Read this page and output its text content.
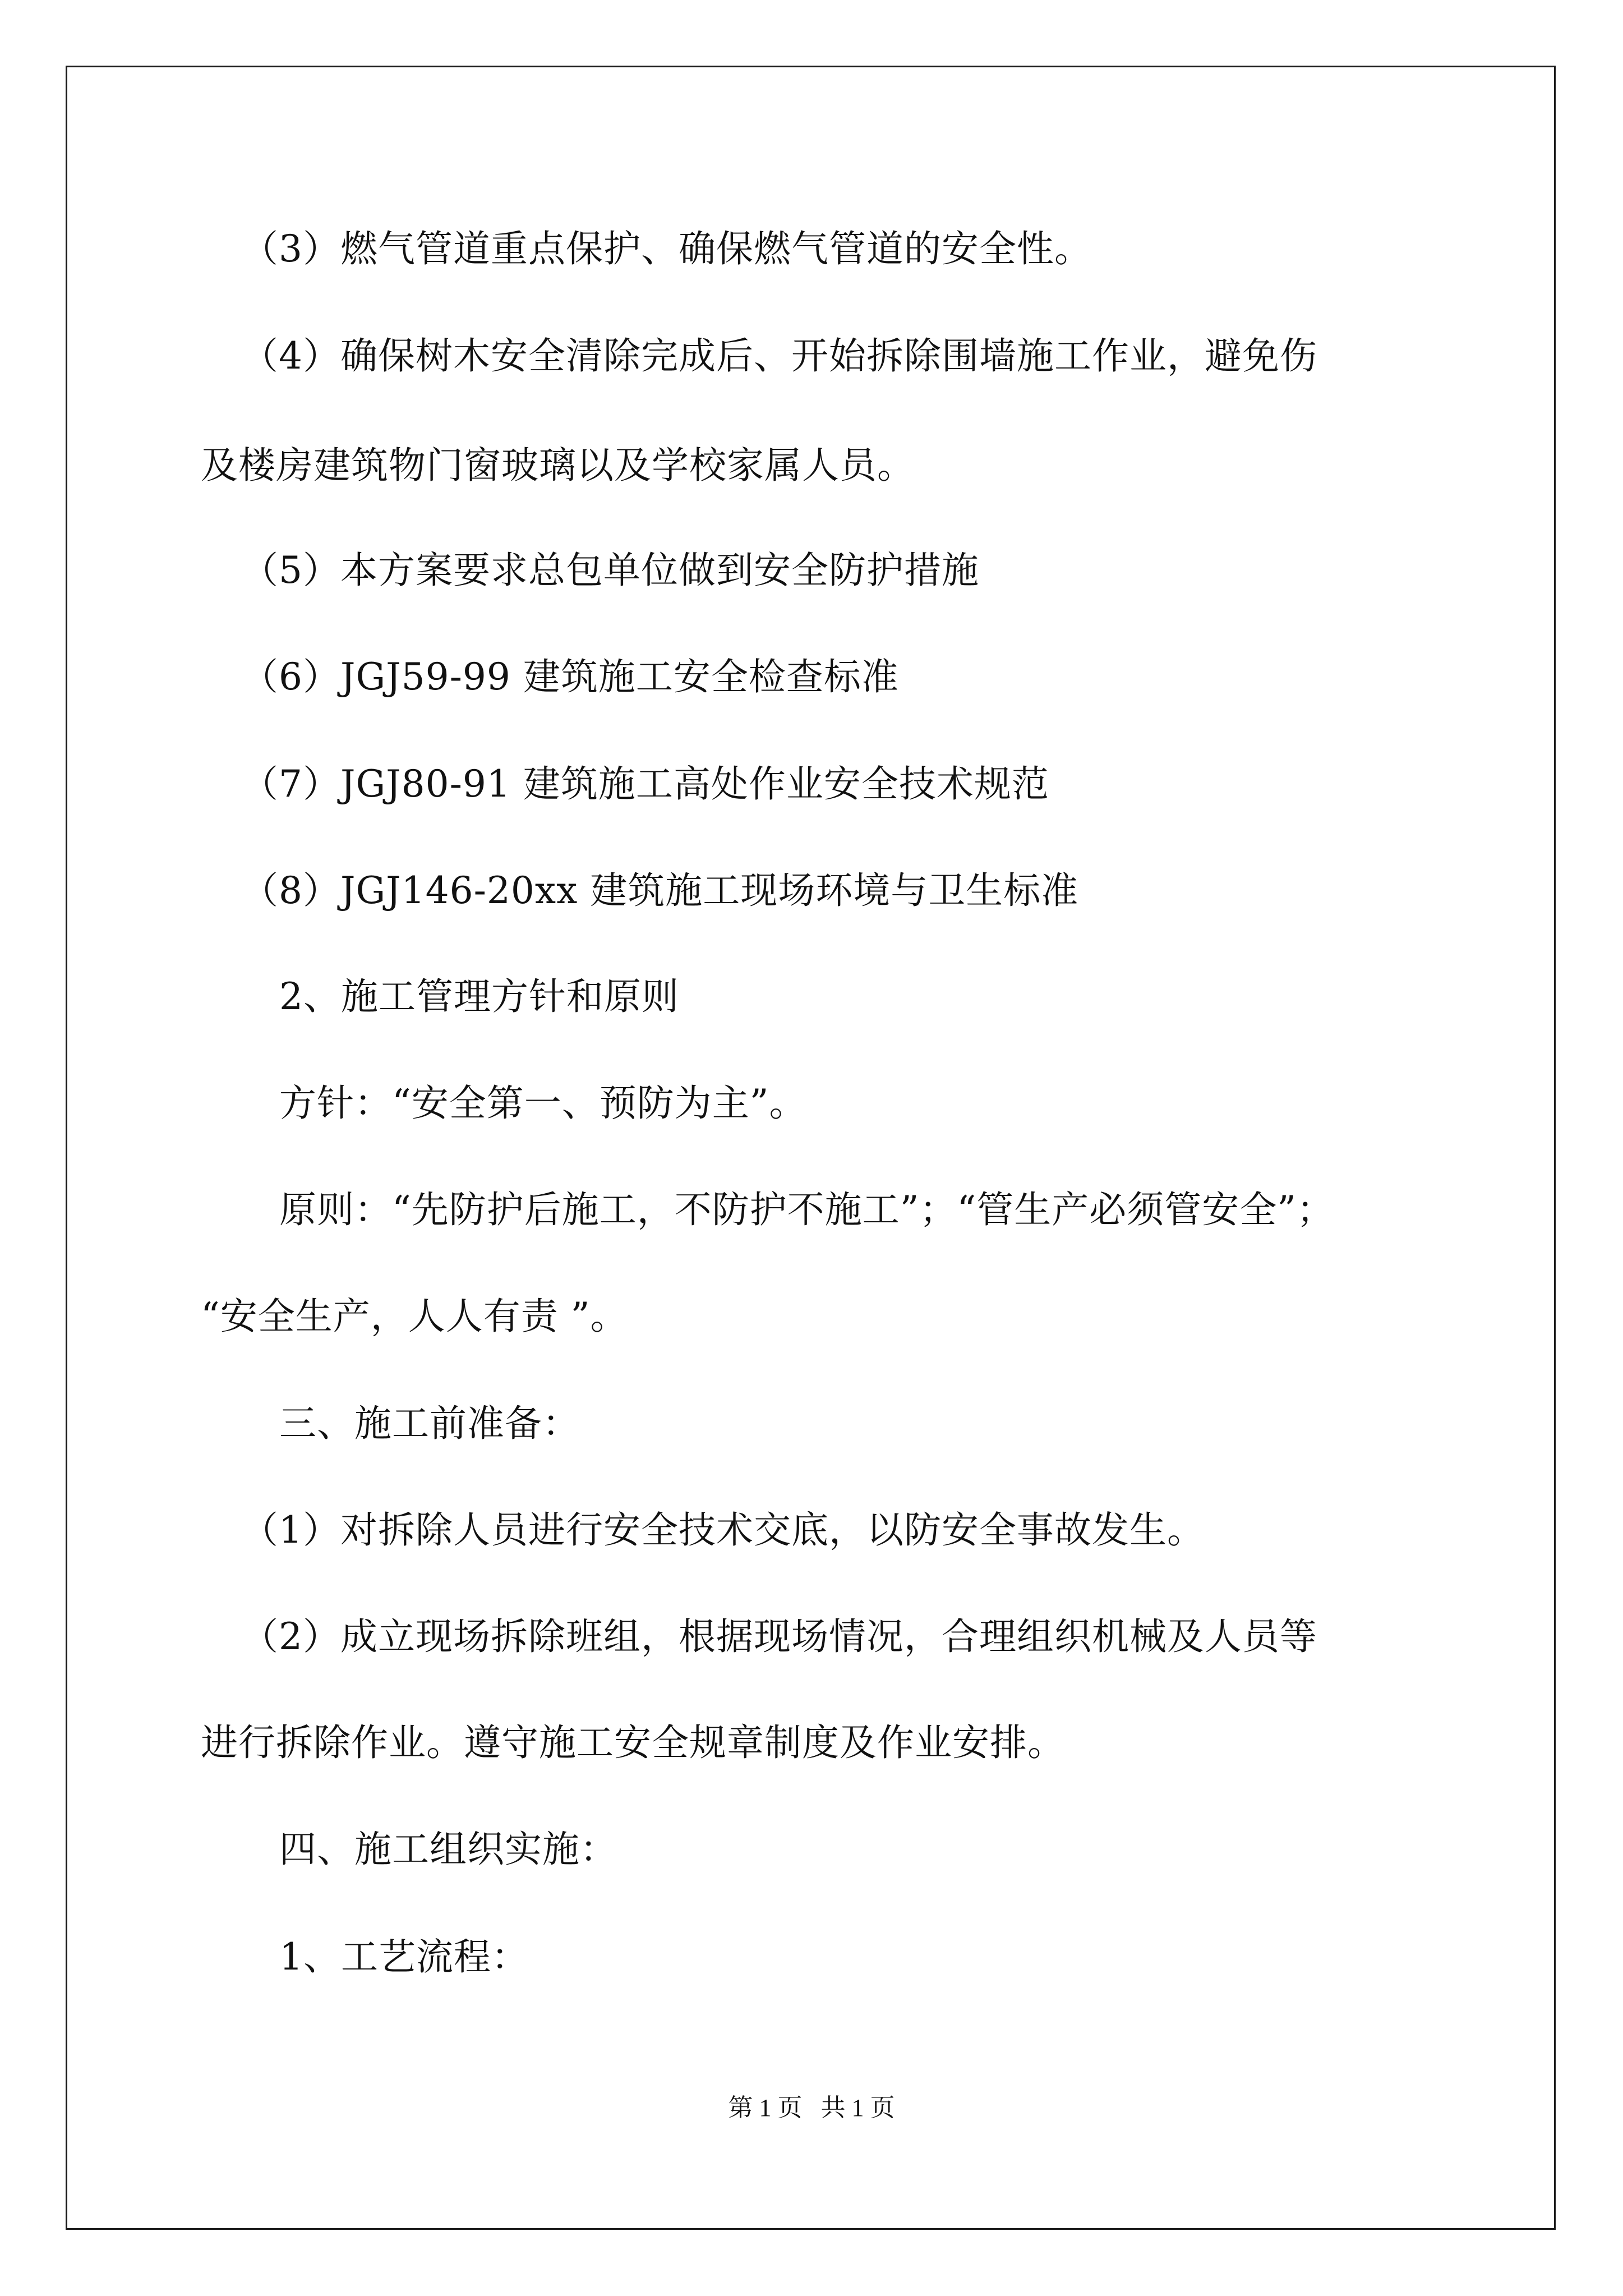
（3）燃气管道重点保护、确保燃气管道的安全性。
（4）确保树木安全清除完成后、开始拆除围墙施工作业，避免伤
及楼房建筑物门窗玻璃以及学校家属人员。
（5）本方案要求总包单位做到安全防护措施
（6）JGJ59-99 建筑施工安全检查标准
（7）JGJ80-91 建筑施工高处作业安全技术规范
（8）JGJ146-20xx 建筑施工现场环境与卫生标准
2、施工管理方针和原则
方针：“安全第一、预防为主”。
原则：“先防护后施工，不防护不施工”；“管生产必须管安全”；
“安全生产，人人有责 ”。
三、施工前准备：
（1）对拆除人员进行安全技术交底，以防安全事故发生。
（2）成立现场拆除班组，根据现场情况，合理组织机械及人员等
进行拆除作业。遵守施工安全规章制度及作业安排。
四、施工组织实施：
1、工艺流程：
第 1 页   共 1 页
